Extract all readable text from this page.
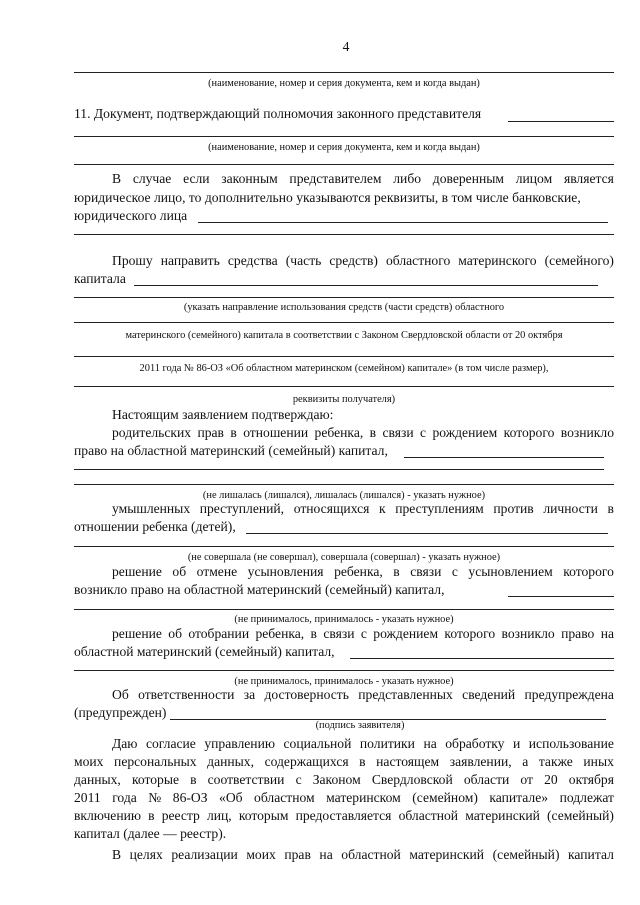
4
(наименование, номер и серия документа, кем и когда выдан)
11. Документ, подтверждающий полномочия законного представителя
(наименование, номер и серия документа, кем и когда выдан)
В случае если законным представителем либо доверенным лицом является
юридическое лицо, то дополнительно указываются реквизиты, в том числе банковские,
юридического лица
Прошу направить средства (часть средств) областного материнского (семейного)
капитала
(указать направление использования средств (части средств) областного
материнского (семейного) капитала в соответствии с Законом Свердловской области от 20 октября
2011 года № 86-ОЗ «Об областном материнском (семейном) капитале» (в том числе размер),
реквизиты получателя)
Настоящим заявлением подтверждаю:
родительских прав в отношении ребенка, в связи с рождением которого возникло
право на областной материнский (семейный) капитал,
(не лишалась (лишался), лишалась (лишался) - указать нужное)
умышленных преступлений, относящихся к преступлениям против личности в
отношении ребенка (детей),
(не совершала (не совершал), совершала (совершал) - указать нужное)
решение об отмене усыновления ребенка, в связи с усыновлением которого
возникло право на областной материнский (семейный) капитал,
(не принималось, принималось - указать нужное)
решение об отобрании ребенка, в связи с рождением которого возникло право на
областной материнский (семейный) капитал,
(не принималось, принималось - указать нужное)
Об ответственности за достоверность представленных сведений предупреждена
(предупрежден)
(подпись заявителя)
Даю согласие управлению социальной политики на обработку и использование
моих персональных данных, содержащихся в настоящем заявлении, а также иных
данных, которые в соответствии с Законом Свердловской области от 20 октября
2011 года № 86-ОЗ «Об областном материнском (семейном) капитале» подлежат
включению в реестр лиц, которым предоставляется областной материнский (семейный)
капитал (далее — реестр).
В целях реализации моих прав на областной материнский (семейный) капитал
